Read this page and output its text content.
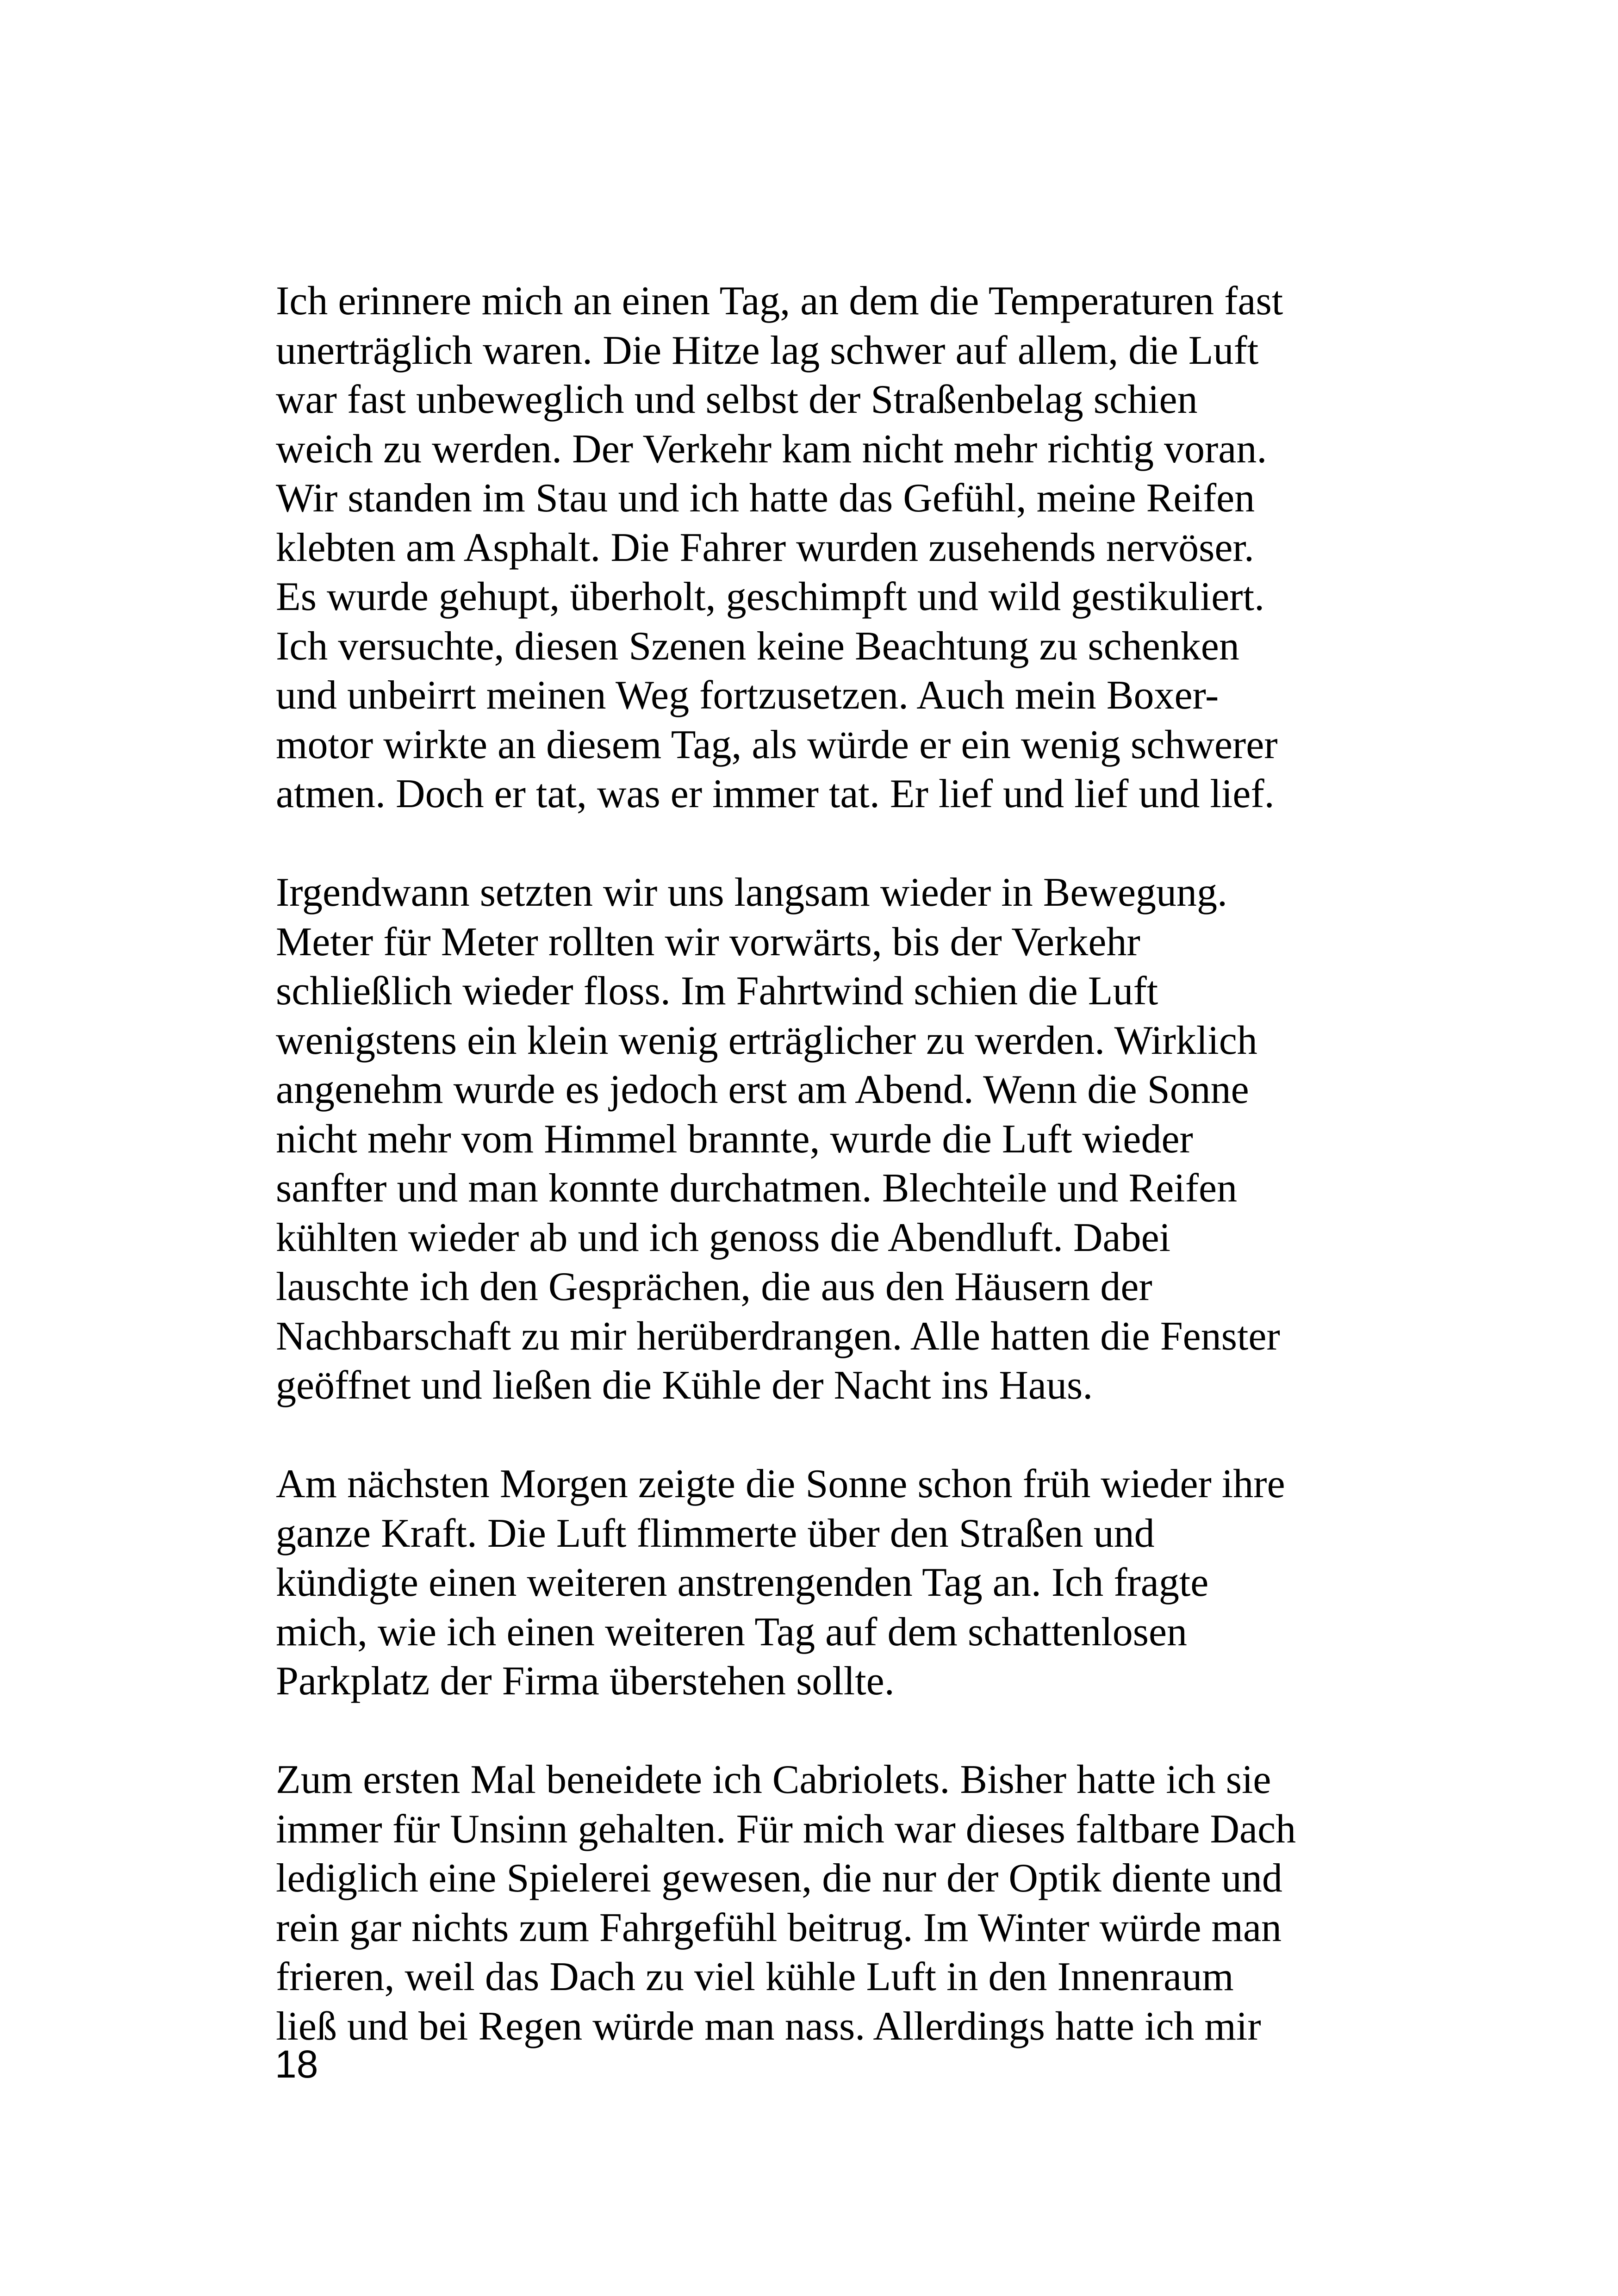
Ich erinnere mich an einen Tag, an dem die Temperaturen fast
unerträglich waren. Die Hitze lag schwer auf allem, die Luft
war fast unbeweglich und selbst der Straßenbelag schien
weich zu werden. Der Verkehr kam nicht mehr richtig voran.
Wir standen im Stau und ich hatte das Gefühl, meine Reifen
klebten am Asphalt. Die Fahrer wurden zusehends nervöser.
Es wurde gehupt, überholt, geschimpft und wild gestikuliert.
Ich versuchte, diesen Szenen keine Beachtung zu schenken
und unbeirrt meinen Weg fortzusetzen. Auch mein Boxer-
motor wirkte an diesem Tag, als würde er ein wenig schwerer
atmen. Doch er tat, was er immer tat. Er lief und lief und lief.

Irgendwann setzten wir uns langsam wieder in Bewegung.
Meter für Meter rollten wir vorwärts, bis der Verkehr
schließlich wieder floss. Im Fahrtwind schien die Luft
wenigstens ein klein wenig erträglicher zu werden. Wirklich
angenehm wurde es jedoch erst am Abend. Wenn die Sonne
nicht mehr vom Himmel brannte, wurde die Luft wieder
sanfter und man konnte durchatmen. Blechteile und Reifen
kühlten wieder ab und ich genoss die Abendluft. Dabei
lauschte ich den Gesprächen, die aus den Häusern der
Nachbarschaft zu mir herüberdrangen. Alle hatten die Fenster
geöffnet und ließen die Kühle der Nacht ins Haus.

Am nächsten Morgen zeigte die Sonne schon früh wieder ihre
ganze Kraft. Die Luft flimmerte über den Straßen und
kündigte einen weiteren anstrengenden Tag an. Ich fragte
mich, wie ich einen weiteren Tag auf dem schattenlosen
Parkplatz der Firma überstehen sollte.

Zum ersten Mal beneidete ich Cabriolets. Bisher hatte ich sie
immer für Unsinn gehalten. Für mich war dieses faltbare Dach
lediglich eine Spielerei gewesen, die nur der Optik diente und
rein gar nichts zum Fahrgefühl beitrug. Im Winter würde man
frieren, weil das Dach zu viel kühle Luft in den Innenraum
ließ und bei Regen würde man nass. Allerdings hatte ich mir

18
